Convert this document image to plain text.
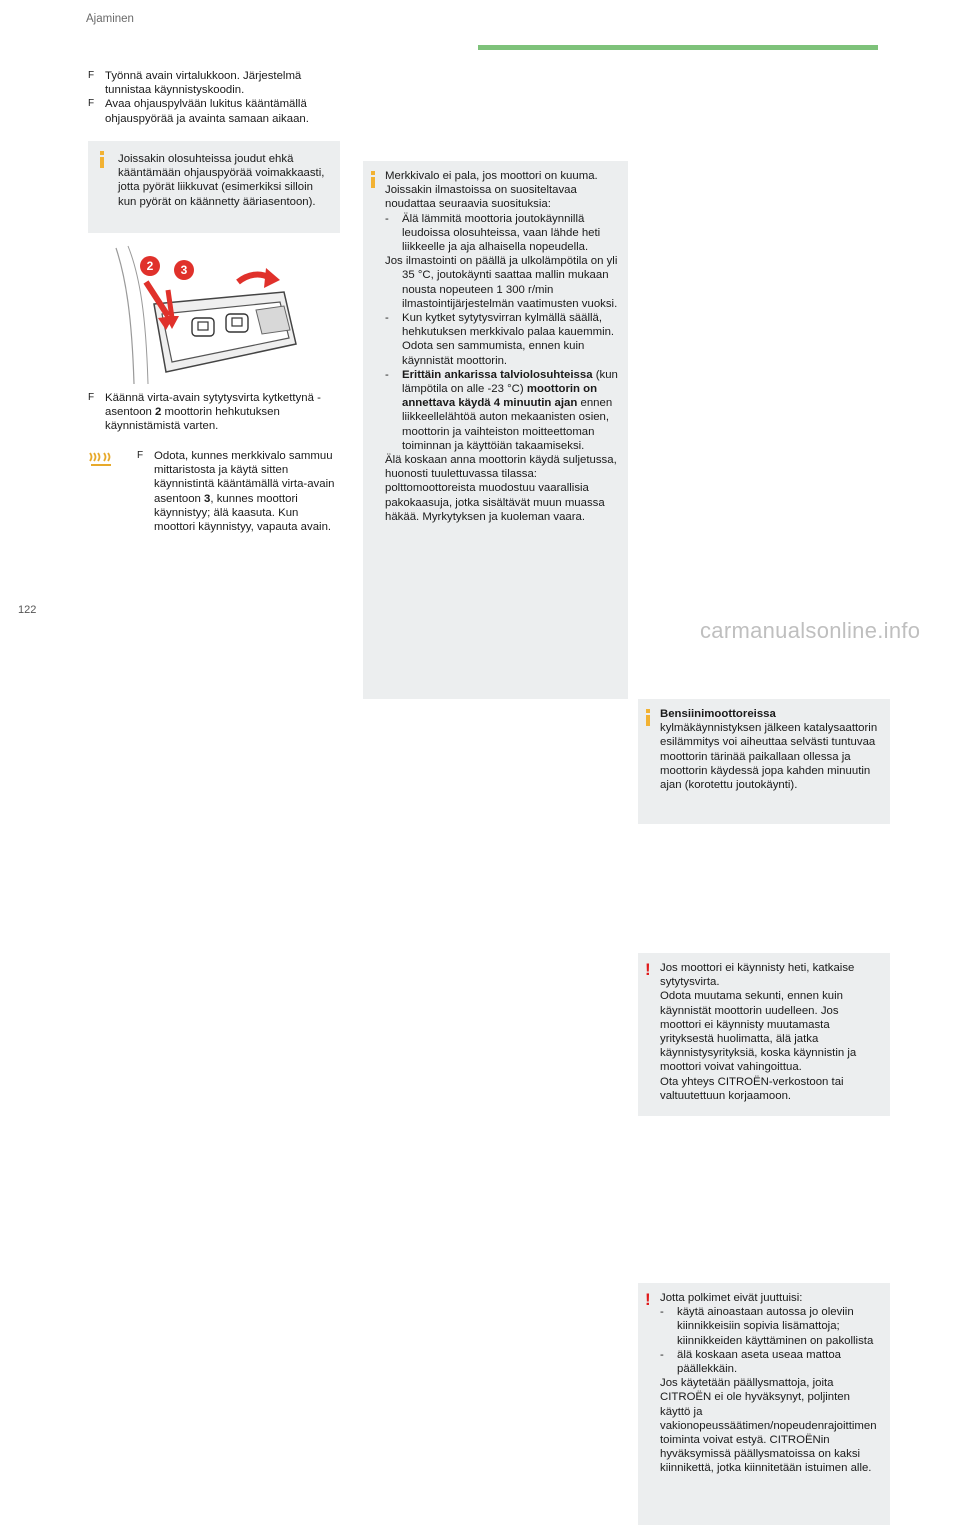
Ajaminen
F Työnnä avain virtalukkoon. Järjestelmä tunnistaa käynnistyskoodin.
F Avaa ohjauspylvään lukitus kääntämällä ohjauspyörää ja avainta samaan aikaan.
Joissakin olosuhteissa joudut ehkä kääntämään ohjauspyörää voimakkaasti, jotta pyörät liikkuvat (esimerkiksi silloin kun pyörät on käännetty ääriasentoon).
2 3
F Käännä virta-avain sytytysvirta kytkettynä -asentoon 2 moottorin hehkutuksen käynnistämistä varten.
F Odota, kunnes merkkivalo sammuu mittaristosta ja käytä sitten käynnistintä kääntämällä virta-avain asentoon 3, kunnes moottori käynnistyy; älä kaasuta. Kun moottori käynnistyy, vapauta avain.

Merkkivalo ei pala, jos moottori on kuuma. Joissakin ilmastoissa on suositeltavaa noudattaa seuraavia suosituksia:

- Älä lämmitä moottoria joutokäynnillä leudoissa olosuhteissa, vaan lähde heti liikkeelle ja aja alhaisella nopeudella.

Jos ilmastointi on päällä ja ulkolämpötila on yli 35 °C, joutokäynti saattaa mallin mukaan nousta nopeuteen 1 300 r/min ilmastointijärjestelmän vaatimusten vuoksi.

- Kun kytket sytytysvirran kylmällä säällä, hehkutuksen merkkivalo palaa kauemmin. Odota sen sammumista, ennen kuin käynnistät moottorin.
- Erittäin ankarissa talviolosuhteissa (kun lämpötila on alle -23 °C) moottorin on annettava käydä 4 minuutin ajan ennen liikkeellelähtöä auton mekaanisten osien, moottorin ja vaihteiston moitteettoman toiminnan ja käyttöiän takaamiseksi.

Älä koskaan anna moottorin käydä suljetussa, huonosti tuulettuvassa tilassa: polttomoottoreista muodostuu vaarallisia pakokaasuja, jotka sisältävät muun muassa häkää. Myrkytyksen ja kuoleman vaara.

Bensiinimoottoreissa

kylmäkäynnistyksen jälkeen katalysaattorin esilämmitys voi aiheuttaa selvästi tuntuvaa moottorin tärinää paikallaan ollessa ja moottorin käydessä jopa kahden minuutin ajan (korotettu joutokäynti).

! Jos moottori ei käynnisty heti, katkaise sytytysvirta.

Odota muutama sekunti, ennen kuin käynnistät moottorin uudelleen. Jos moottori ei käynnisty muutamasta yrityksestä huolimatta, älä jatka käynnistysyrityksiä, koska käynnistin ja moottori voivat vahingoittua.

Ota yhteys CITROËN-verkostoon tai valtuutettuun korjaamoon.

! Jotta polkimet eivät juuttuisi:

- käytä ainoastaan autossa jo oleviin kiinnikkeisiin sopivia lisämattoja; kiinnikkeiden käyttäminen on pakollista
- älä koskaan aseta useaa mattoa päällekkäin.

Jos käytetään päällysmattoja, joita CITROËN ei ole hyväksynyt, poljinten käyttö ja vakionopeussäätimen/nopeudenrajoittimen toiminta voivat estyä. CITROËNin hyväksymissä päällysmatoissa on kaksi kiinnikettä, jotka kiinnitetään istuimen alle.

122
carmanualsonline.info
